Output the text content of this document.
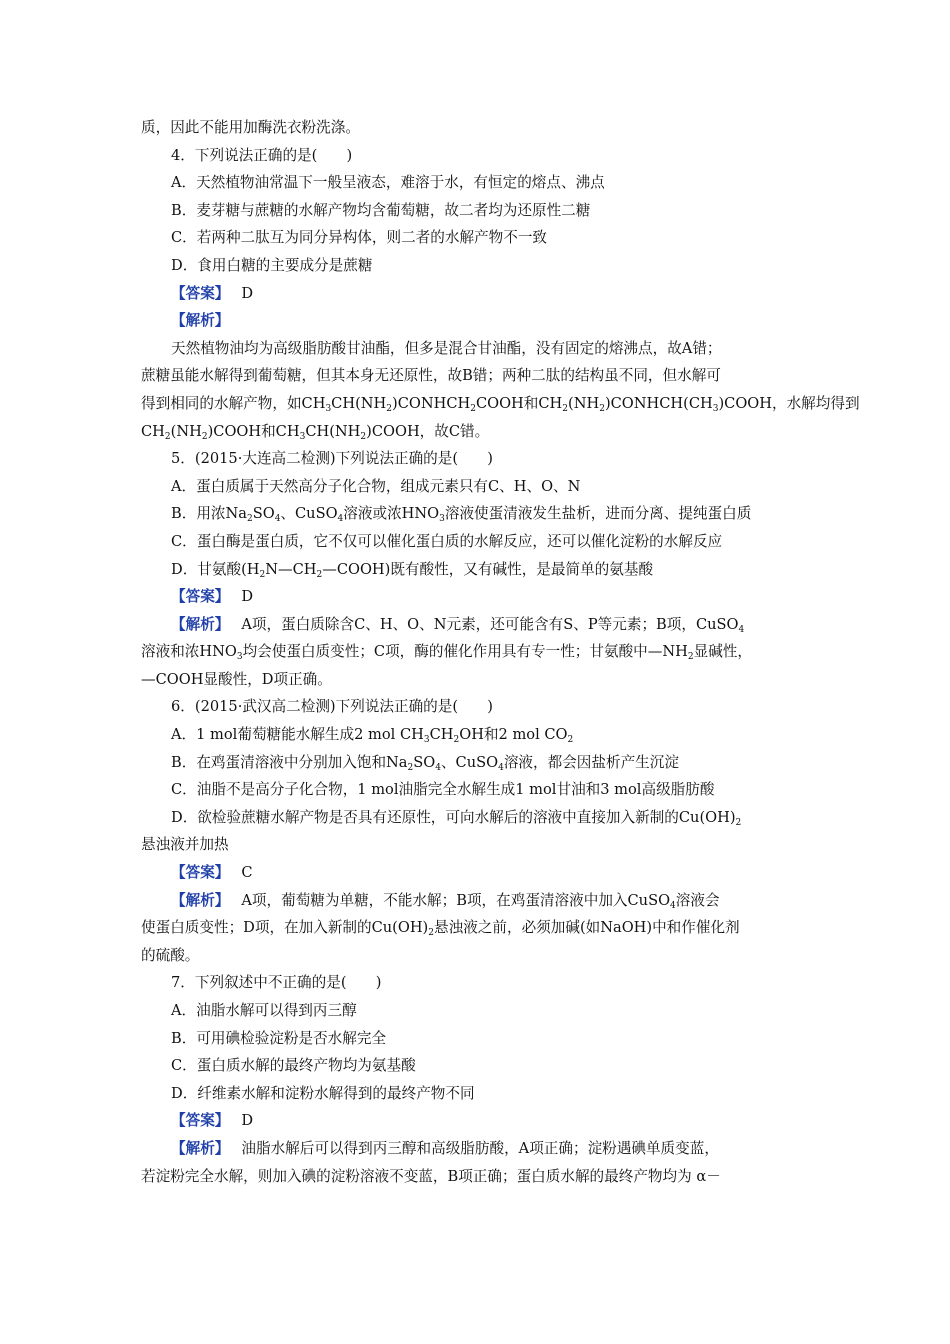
质，因此不能用加酶洗衣粉洗涤。
4．下列说法正确的是(　　)
A．天然植物油常温下一般呈液态，难溶于水，有恒定的熔点、沸点
B．麦芽糖与蔗糖的水解产物均含葡萄糖，故二者均为还原性二糖
C．若两种二肽互为同分异构体，则二者的水解产物不一致
D．食用白糖的主要成分是蔗糖
【答案】 D
【解析】
天然植物油均为高级脂肪酸甘油酯，但多是混合甘油酯，没有固定的熔沸点，故A错；
蔗糖虽能水解得到葡萄糖，但其本身无还原性，故B错；两种二肽的结构虽不同，但水解可
得到相同的水解产物，如$CH_3CH(NH_2)CONHCH_2COOH$和$CH_2(NH_2)CONHCH(CH_3)COOH$，水解均得到
$CH_2(NH_2)COOH$和$CH_3CH(NH_2)COOH$，故C错。
5．(2015·大连高二检测)下列说法正确的是(　　)
A．蛋白质属于天然高分子化合物，组成元素只有C、H、O、N
B．用浓$Na_2SO_4$、CuSO$_4$溶液或浓$HNO_3$溶液使蛋清液发生盐析，进而分离、提纯蛋白质
C．蛋白酶是蛋白质，它不仅可以催化蛋白质的水解反应，还可以催化淀粉的水解反应
D．甘氨酸$(H_2N—CH_2—COOH)$既有酸性，又有碱性，是最简单的氨基酸
【答案】 D
【解析】 A项，蛋白质除含C、H、O、N元素，还可能含有S、P等元素；B项，CuSO$_4$
溶液和浓$HNO_3$均会使蛋白质变性；C项，酶的催化作用具有专一性；甘氨酸中$—NH_2$显碱性，
—COOH显酸性，D项正确。
6．(2015·武汉高二检测)下列说法正确的是(　　)
A．1 mol葡萄糖能水解生成2 mol $CH_3CH_2OH$和2 mol $CO_2$
B．在鸡蛋清溶液中分别加入饱和$Na_2SO_4$、CuSO$_4$溶液，都会因盐析产生沉淀
C．油脂不是高分子化合物，1 mol油脂完全水解生成1 mol甘油和3 mol高级脂肪酸
D．欲检验蔗糖水解产物是否具有还原性，可向水解后的溶液中直接加入新制的$Cu(OH)_2$
悬浊液并加热
【答案】 C
【解析】 A项，葡萄糖为单糖，不能水解；B项，在鸡蛋清溶液中加入CuSO$_4$溶液会
使蛋白质变性；D项，在加入新制的$Cu(OH)_2$悬浊液之前，必须加碱(如NaOH)中和作催化剂
的硫酸。
7．下列叙述中不正确的是(　　)
A．油脂水解可以得到丙三醇
B．可用碘检验淀粉是否水解完全
C．蛋白质水解的最终产物均为氨基酸
D．纤维素水解和淀粉水解得到的最终产物不同
【答案】 D
【解析】 油脂水解后可以得到丙三醇和高级脂肪酸，A项正确；淀粉遇碘单质变蓝，
若淀粉完全水解，则加入碘的淀粉溶液不变蓝，B项正确；蛋白质水解的最终产物均为 α－
